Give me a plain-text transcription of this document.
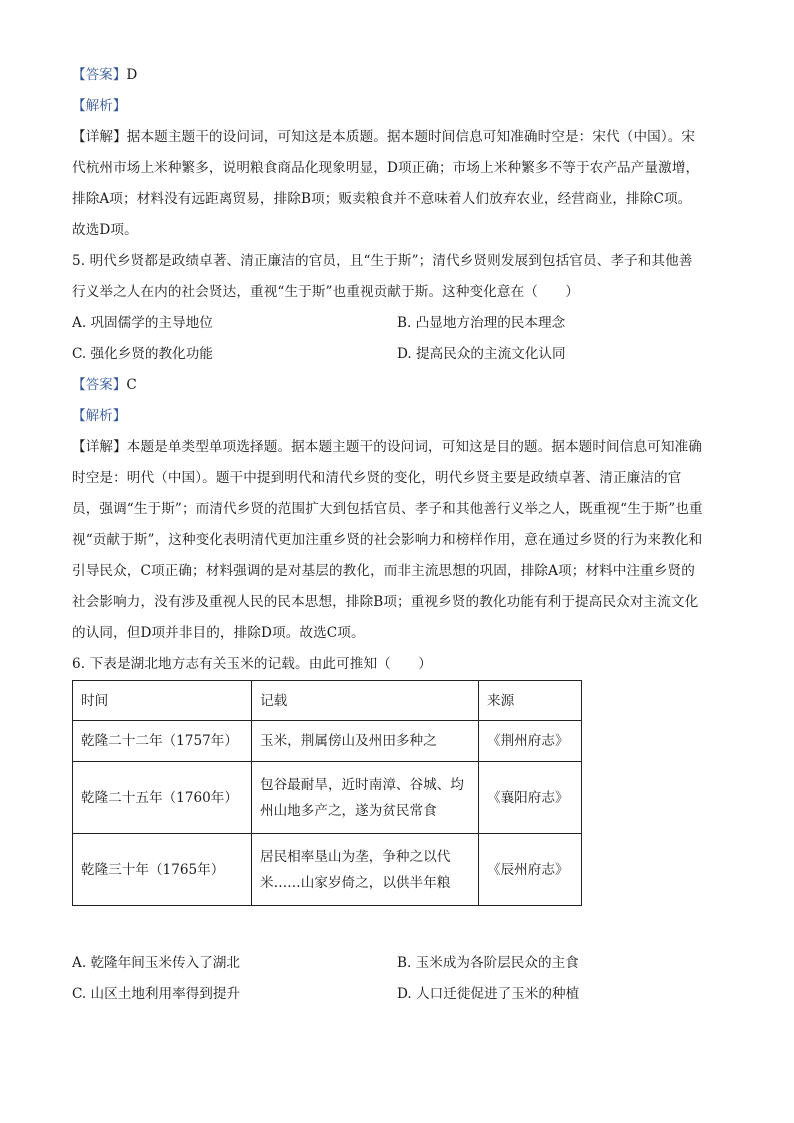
【答案】D
【解析】
【详解】据本题主题干的设问词，可知这是本质题。据本题时间信息可知准确时空是：宋代（中国）。宋
代杭州市场上米种繁多，说明粮食商品化现象明显，D项正确；市场上米种繁多不等于农产品产量激增，
排除A项；材料没有远距离贸易，排除B项；贩卖粮食并不意味着人们放弃农业，经营商业，排除C项。
故选D项。
5. 明代乡贤都是政绩卓著、清正廉洁的官员，且“生于斯”；清代乡贤则发展到包括官员、孝子和其他善
行义举之人在内的社会贤达，重视“生于斯”也重视贡献于斯。这种变化意在（　　）
A. 巩固儒学的主导地位	B. 凸显地方治理的民本理念
C. 强化乡贤的教化功能	D. 提高民众的主流文化认同
【答案】C
【解析】
【详解】本题是单类型单项选择题。据本题主题干的设问词，可知这是目的题。据本题时间信息可知准确
时空是：明代（中国）。题干中提到明代和清代乡贤的变化，明代乡贤主要是政绩卓著、清正廉洁的官
员，强调“生于斯”；而清代乡贤的范围扩大到包括官员、孝子和其他善行义举之人，既重视“生于斯”也重
视“贡献于斯”，这种变化表明清代更加注重乡贤的社会影响力和榜样作用，意在通过乡贤的行为来教化和
引导民众，C项正确；材料强调的是对基层的教化，而非主流思想的巩固，排除A项；材料中注重乡贤的
社会影响力，没有涉及重视人民的民本思想，排除B项；重视乡贤的教化功能有利于提高民众对主流文化
的认同，但D项并非目的，排除D项。故选C项。
6. 下表是湖北地方志有关玉米的记载。由此可推知（　　）
时间	记载	来源
乾隆二十二年（1757年）	玉米，荆属傍山及州田多种之	《荆州府志》
乾隆二十五年（1760年）	包谷最耐旱，近时南漳、谷城、均
州山地多产之，遂为贫民常食	《襄阳府志》
乾隆三十年（1765年）	居民相率垦山为垄，争种之以代
米……山家岁倚之，以供半年粮	《辰州府志》
A. 乾隆年间玉米传入了湖北	B. 玉米成为各阶层民众的主食
C. 山区土地利用率得到提升	D. 人口迁徙促进了玉米的种植
